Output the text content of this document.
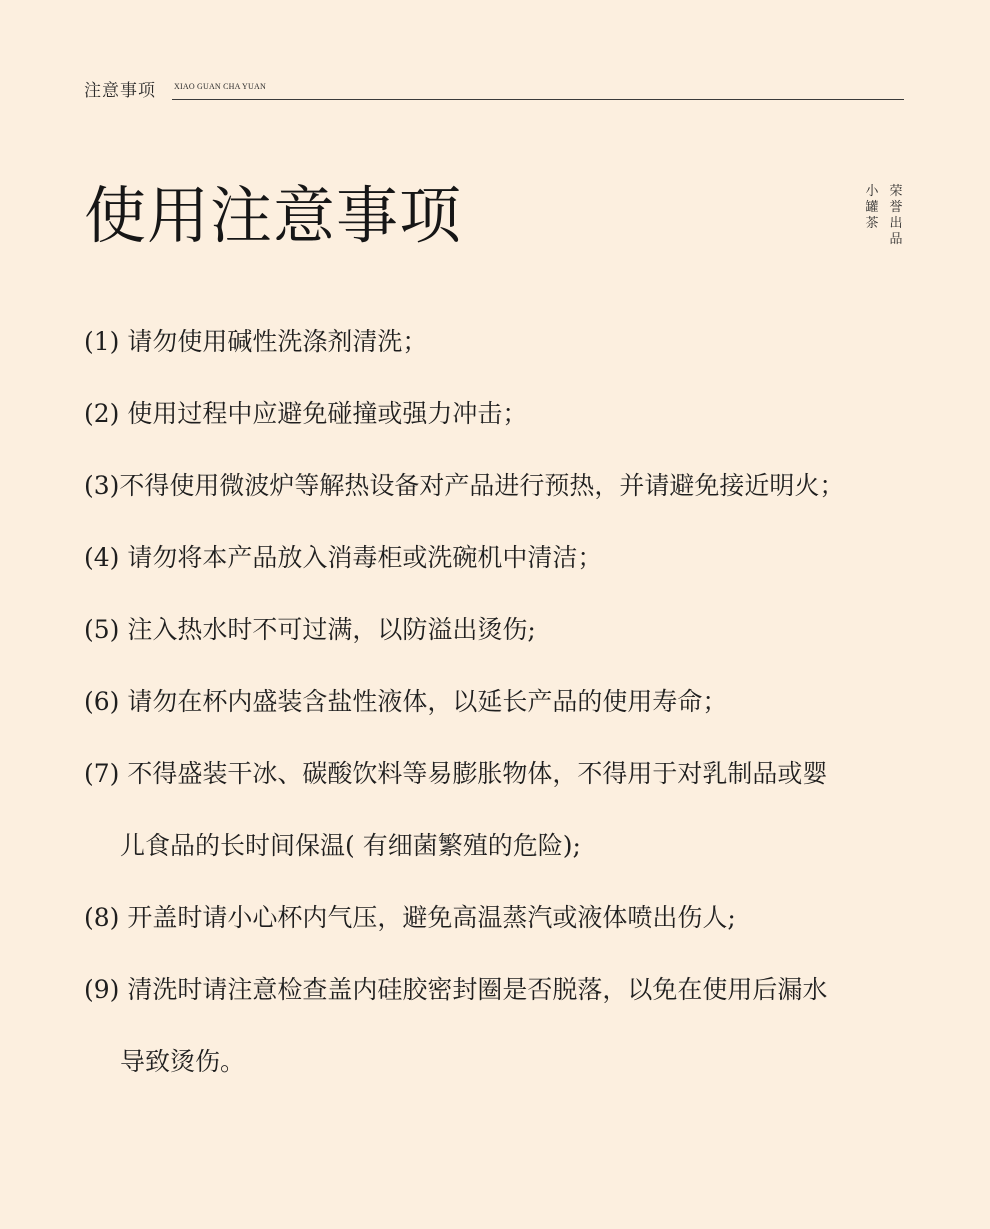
注意事项 XIAO GUAN CHA YUAN
使用注意事项	荣誉出品
小罐茶
(1) 请勿使用碱性洗涤剂清洗；
(2) 使用过程中应避免碰撞或强力冲击；
(3)不得使用微波炉等解热设备对产品进行预热，并请避免接近明火；
(4) 请勿将本产品放入消毒柜或洗碗机中清洁；
(5) 注入热水时不可过满，以防溢出烫伤;
(6) 请勿在杯内盛装含盐性液体，以延长产品的使用寿命；
(7) 不得盛装干冰、碳酸饮料等易膨胀物体，不得用于对乳制品或婴
儿食品的长时间保温( 有细菌繁殖的危险);
(8) 开盖时请小心杯内气压，避免高温蒸汽或液体喷出伤人;
(9) 清洗时请注意检查盖内硅胶密封圈是否脱落，以免在使用后漏水
导致烫伤。
